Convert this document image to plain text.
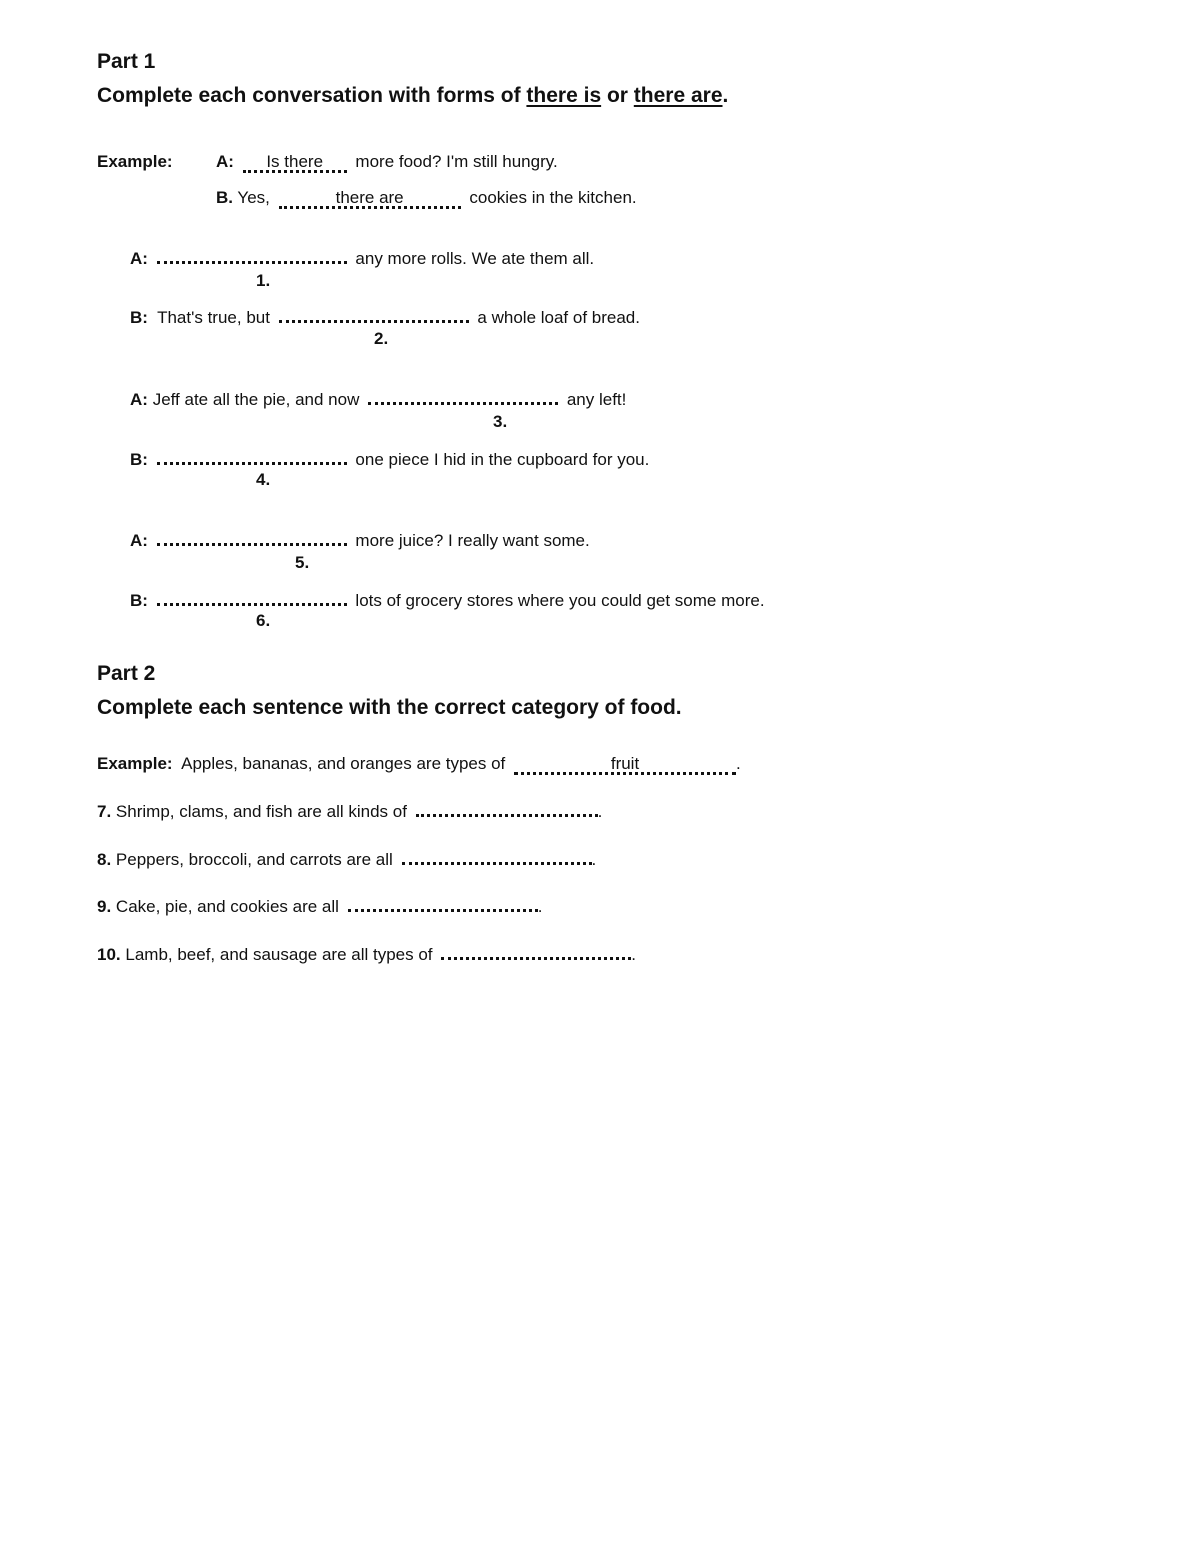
Part 1
Complete each conversation with forms of there is or there are.
Example:	A: Is there more food? I'm still hungry.
B. Yes,	there are	cookies in the kitchen.
A:	any more rolls. We ate them all.
1.
B: That's true, but	a whole loaf of bread.
2.
A: Jeff ate all the pie, and now	any left!
3.
B:	one piece I hid in the cupboard for you.
4.
A:	more juice? I really want some.
5.
B:	lots of grocery stores where you could get some more.
6.
Part 2
Complete each sentence with the correct category of food.
Example: Apples, bananas, and oranges are types of	fruit	.
7. Shrimp, clams, and fish are all kinds of	.
8. Peppers, broccoli, and carrots are all	.
9. Cake, pie, and cookies are all	.
10. Lamb, beef, and sausage are all types of	.
